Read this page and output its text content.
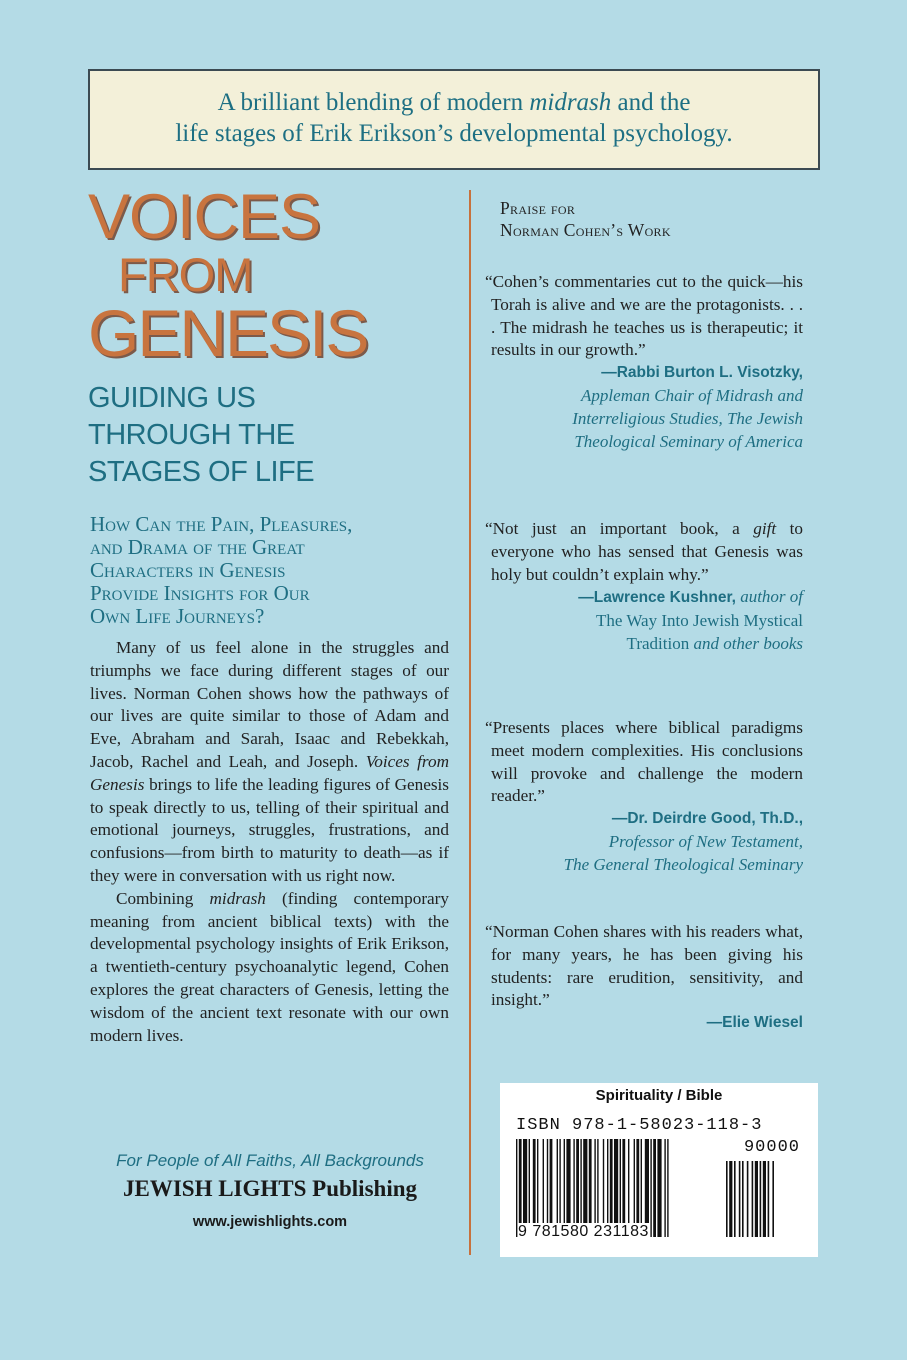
A brilliant blending of modern midrash and the
life stages of Erik Erikson’s developmental psychology.
VOICES
FROM
GENESIS
GUIDING US
THROUGH THE
STAGES OF LIFE
How Can the Pain, Pleasures,
and Drama of the Great
Characters in Genesis
Provide Insights for Our
Own Life Journeys?

Many of us feel alone in the struggles and triumphs we face during different stages of our lives. Norman Cohen shows how the pathways of our lives are quite similar to those of Adam and Eve, Abraham and Sarah, Isaac and Rebekkah, Jacob, Rachel and Leah, and Joseph. Voices from Genesis brings to life the leading figures of Genesis to speak directly to us, telling of their spiritual and emotional journeys, struggles, frustrations, and confusions—from birth to maturity to death—as if they were in conversation with us right now.

Combining midrash (finding contemporary meaning from ancient biblical texts) with the developmental psychology insights of Erik Erikson, a twentieth-century psychoanalytic legend, Cohen explores the great characters of Genesis, letting the wisdom of the ancient text resonate with our own modern lives.

For People of All Faiths, All Backgrounds
JEWISH LIGHTS Publishing
www.jewishlights.com
Praise for
Norman Cohen’s Work
“Cohen’s commentaries cut to the quick—his Torah is alive and we are the protagonists. . . . The midrash he teaches us is therapeutic; it results in our growth.”
—Rabbi Burton L. Visotzky,
Appleman Chair of Midrash and
Interreligious Studies, The Jewish
Theological Seminary of America
“Not just an important book, a gift to everyone who has sensed that Genesis was holy but couldn’t explain why.”
—Lawrence Kushner, author of
The Way Into Jewish Mystical
Tradition and other books
“Presents places where biblical paradigms meet modern complexities. His conclusions will provoke and challenge the modern reader.”
—Dr. Deirdre Good, Th.D.,
Professor of New Testament,
The General Theological Seminary
“Norman Cohen shares with his readers what, for many years, he has been giving his students: rare erudition, sensitivity, and insight.”
—Elie Wiesel
Spirituality / Bible
ISBN 978-1-58023-118-3
90000
9 781580 231183
